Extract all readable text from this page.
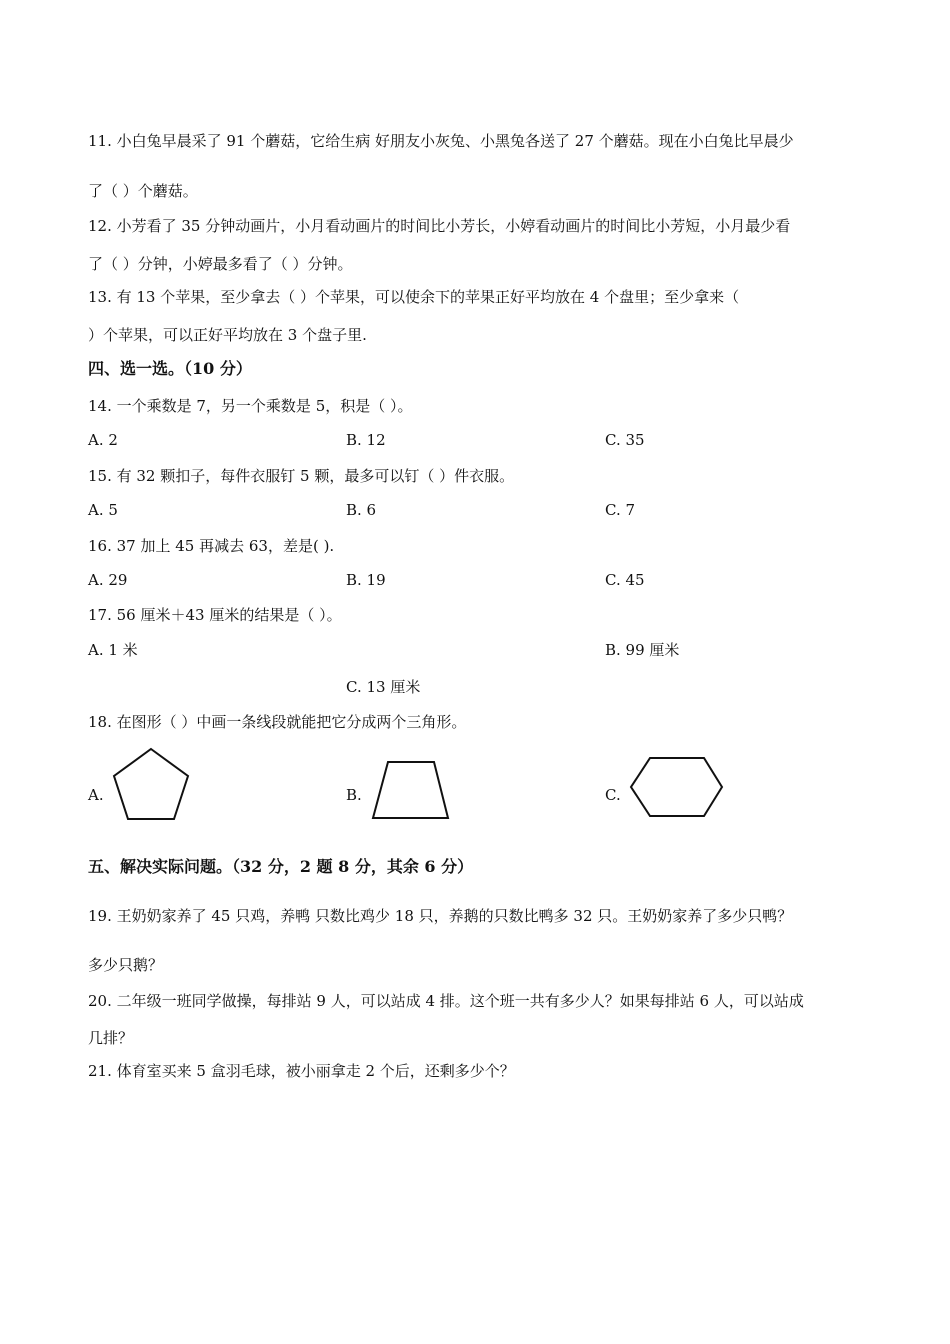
11. 小白兔早晨采了 91 个蘑菇，它给生病 好朋友小灰兔、小黑兔各送了 27 个蘑菇。现在小白兔比早晨少
了（ ）个蘑菇。
12. 小芳看了 35 分钟动画片，小月看动画片的时间比小芳长，小婷看动画片的时间比小芳短，小月最少看
了（ ）分钟，小婷最多看了（ ）分钟。
13. 有 13 个苹果，至少拿去（ ）个苹果，可以使余下的苹果正好平均放在 4 个盘里；至少拿来（
）个苹果，可以正好平均放在 3 个盘子里.
四、选一选。（10 分）
14. 一个乘数是 7，另一个乘数是 5，积是（ ）。
A. 2	B. 12	C. 35
15. 有 32 颗扣子，每件衣服钉 5 颗，最多可以钉（ ）件衣服。
A. 5	B. 6	C. 7
16. 37 加上 45 再减去 63，差是( ).
A. 29	B. 19	C. 45
17. 56 厘米＋43 厘米的结果是（ ）。
A. 1 米	B. 99 厘米
C. 13 厘米
18. 在图形（ ）中画一条线段就能把它分成两个三角形。
A.	B.	C.
五、解决实际问题。（32 分，2 题 8 分，其余 6 分）
19. 王奶奶家养了 45 只鸡，养鸭 只数比鸡少 18 只，养鹅的只数比鸭多 32 只。王奶奶家养了多少只鸭？
多少只鹅？
20. 二年级一班同学做操，每排站 9 人，可以站成 4 排。这个班一共有多少人？如果每排站 6 人，可以站成
几排？
21. 体育室买来 5 盒羽毛球，被小丽拿走 2 个后，还剩多少个？
